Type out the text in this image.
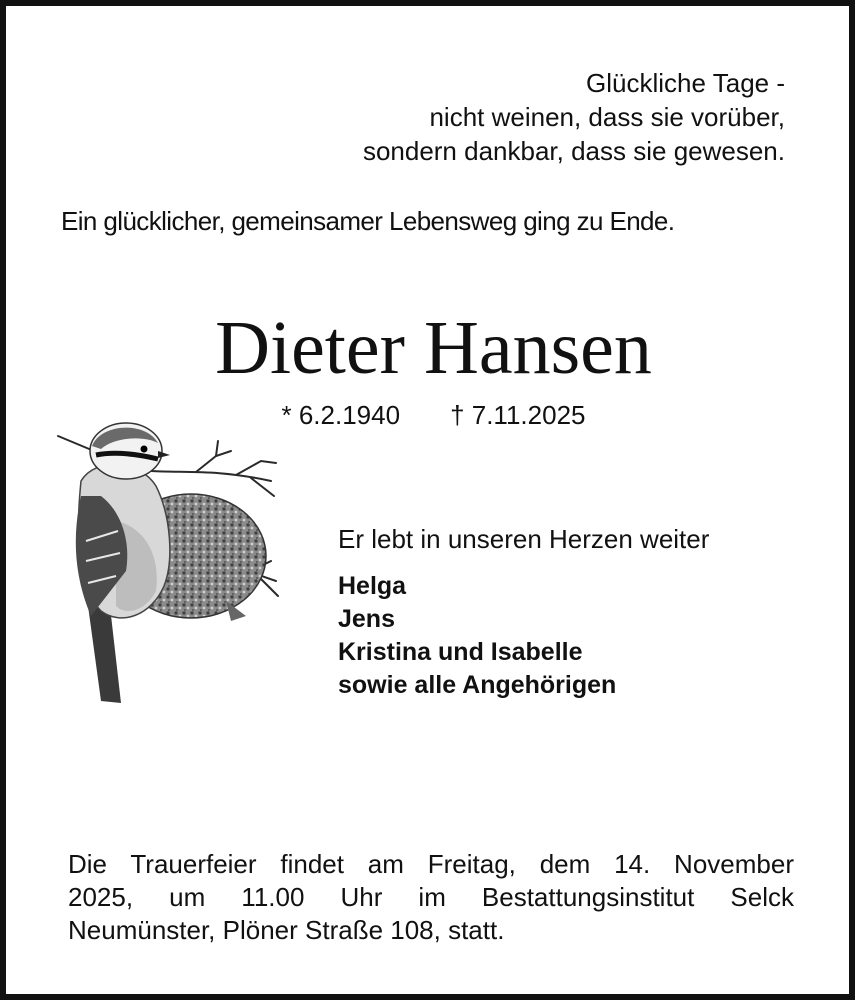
Glückliche Tage -
nicht weinen, dass sie vorüber,
sondern dankbar, dass sie gewesen.
Ein glücklicher, gemeinsamer Lebensweg ging zu Ende.
Dieter Hansen
* 6.2.1940 † 7.11.2025
Er lebt in unseren Herzen weiter
Helga
Jens
Kristina und Isabelle
sowie alle Angehörigen
Die Trauerfeier findet am Freitag, dem 14. November
2025, um 11.00 Uhr im Bestattungsinstitut Selck
Neumünster, Plöner Straße 108, statt.
